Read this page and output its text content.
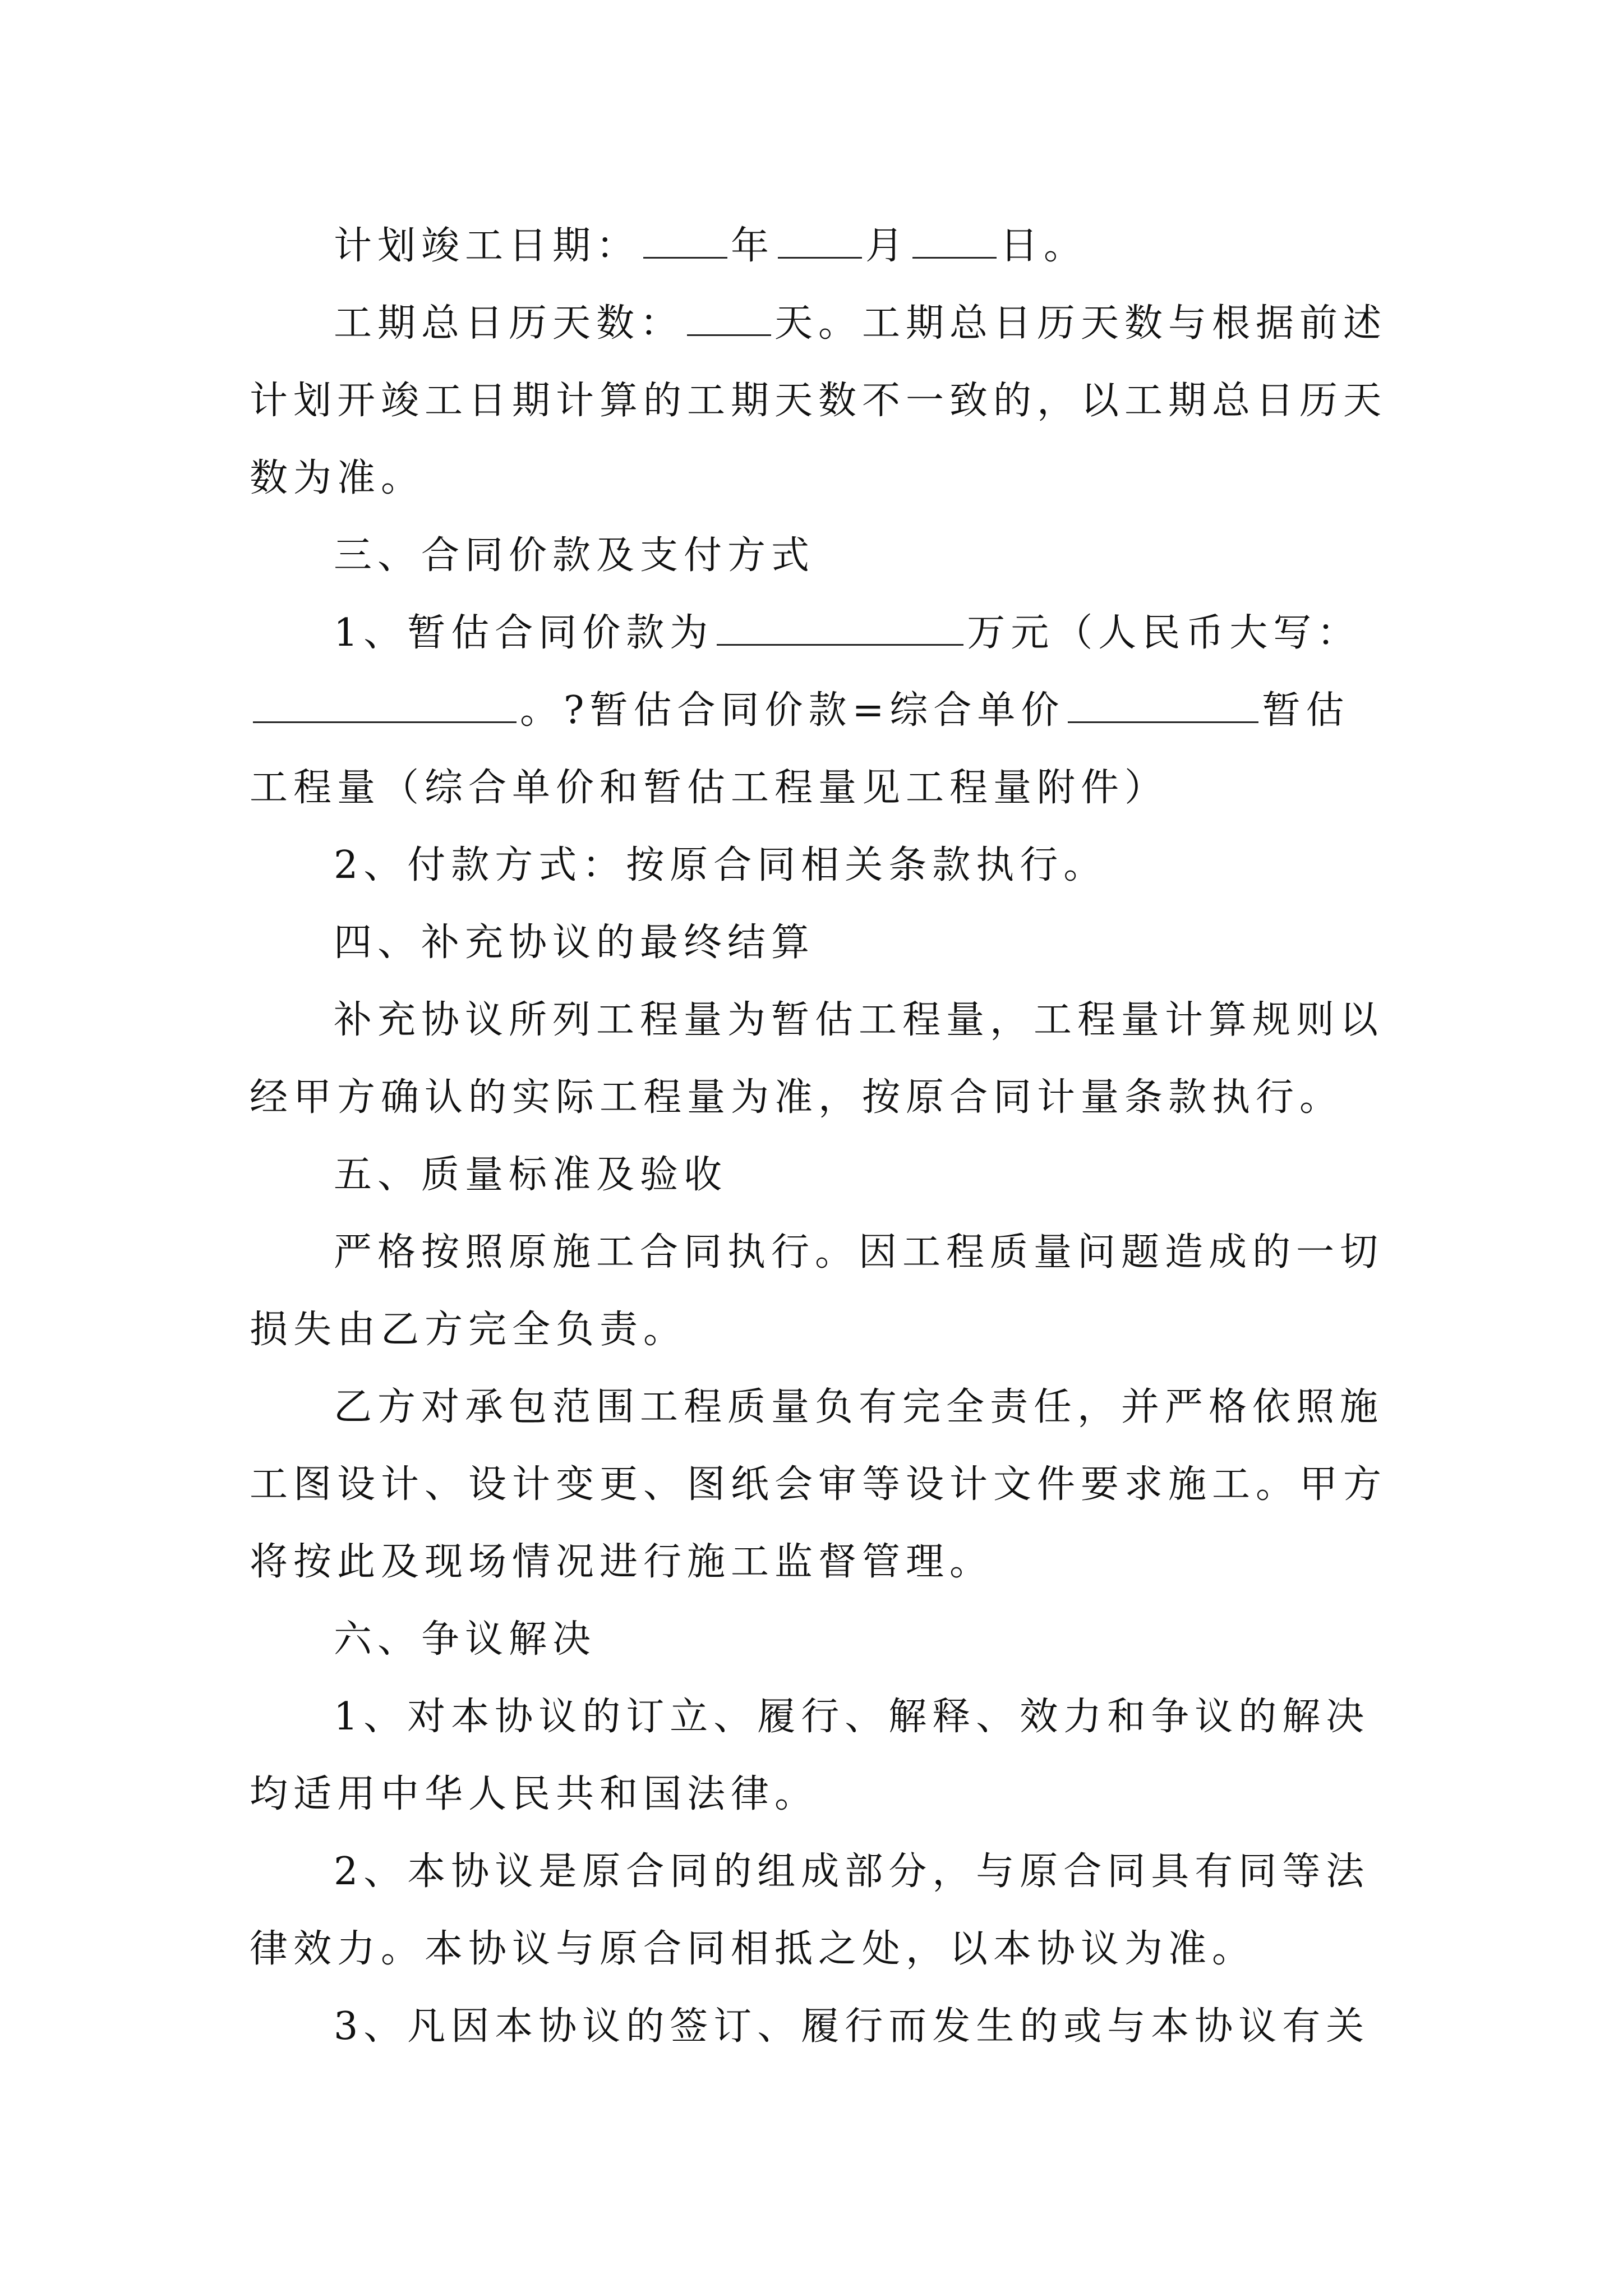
计划竣工日期： 年 月 日。

工期总日历天数： 天。工期总日历天数与根据前述计划开竣工日期计算的工期天数不一致的，以工期总日历天数为准。

三、合同价款及支付方式

1、暂估合同价款为	万元（人民币大写：。?暂估合同价款=综合单价	暂估工程量（综合单价和暂估工程量见工程量附件）

2、付款方式：按原合同相关条款执行。

四、补充协议的最终结算

补充协议所列工程量为暂估工程量，工程量计算规则以经甲方确认的实际工程量为准，按原合同计量条款执行。

五、质量标准及验收

严格按照原施工合同执行。因工程质量问题造成的一切损失由乙方完全负责。

乙方对承包范围工程质量负有完全责任，并严格依照施工图设计、设计变更、图纸会审等设计文件要求施工。甲方将按此及现场情况进行施工监督管理。

六、争议解决

1、对本协议的订立、履行、解释、效力和争议的解决均适用中华人民共和国法律。

2、本协议是原合同的组成部分，与原合同具有同等法律效力。本协议与原合同相抵之处，以本协议为准。

3、凡因本协议的签订、履行而发生的或与本协议有关
